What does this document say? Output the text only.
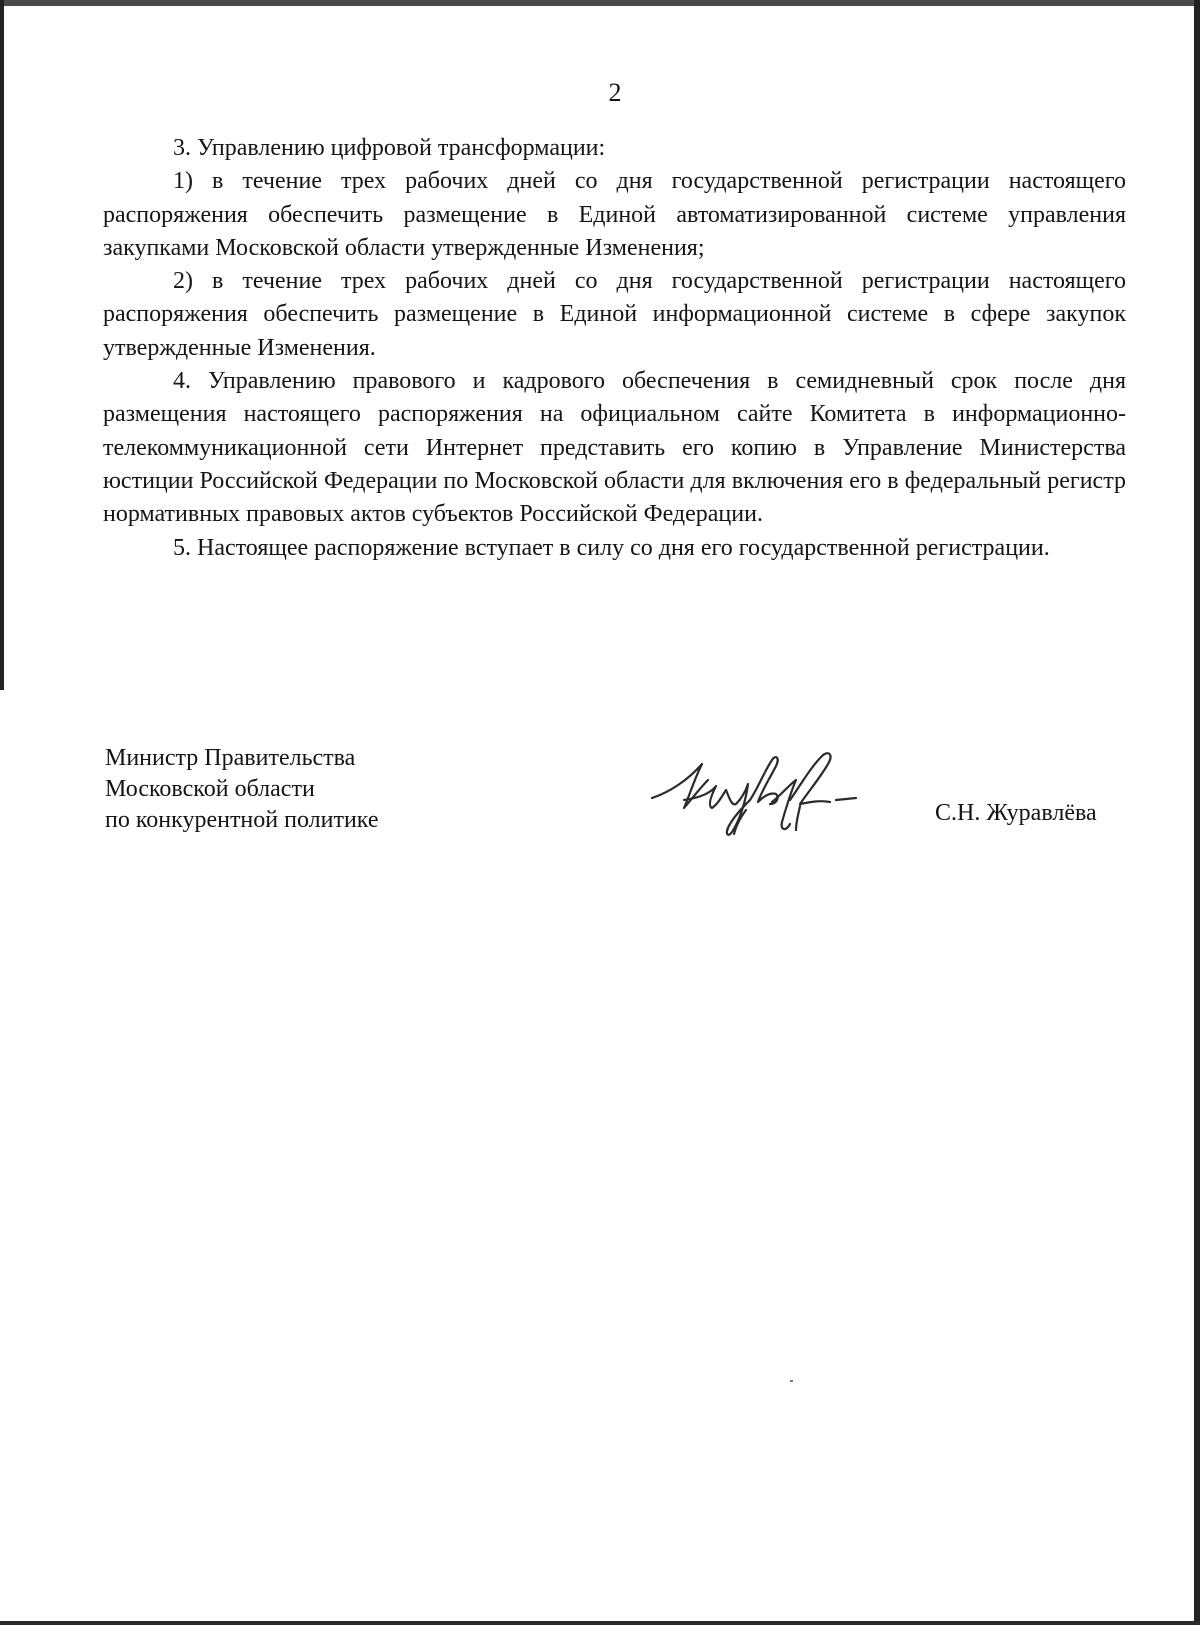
2

3. Управлению цифровой трансформации:

1) в течение трех рабочих дней со дня государственной регистрации настоящего распоряжения обеспечить размещение в Единой автоматизированной системе управления закупками Московской области утвержденные Изменения;

2) в течение трех рабочих дней со дня государственной регистрации настоящего распоряжения обеспечить размещение в Единой информационной системе в сфере закупок утвержденные Изменения.

4. Управлению правового и кадрового обеспечения в семидневный срок после дня размещения настоящего распоряжения на официальном сайте Комитета в информационно-телекоммуникационной сети Интернет представить его копию в Управление Министерства юстиции Российской Федерации по Московской области для включения его в федеральный регистр нормативных правовых актов субъектов Российской Федерации.

5. Настоящее распоряжение вступает в силу со дня его государственной регистрации.

Министр Правительства
Московской области
по конкурентной политике	С.Н. Журавлёва
